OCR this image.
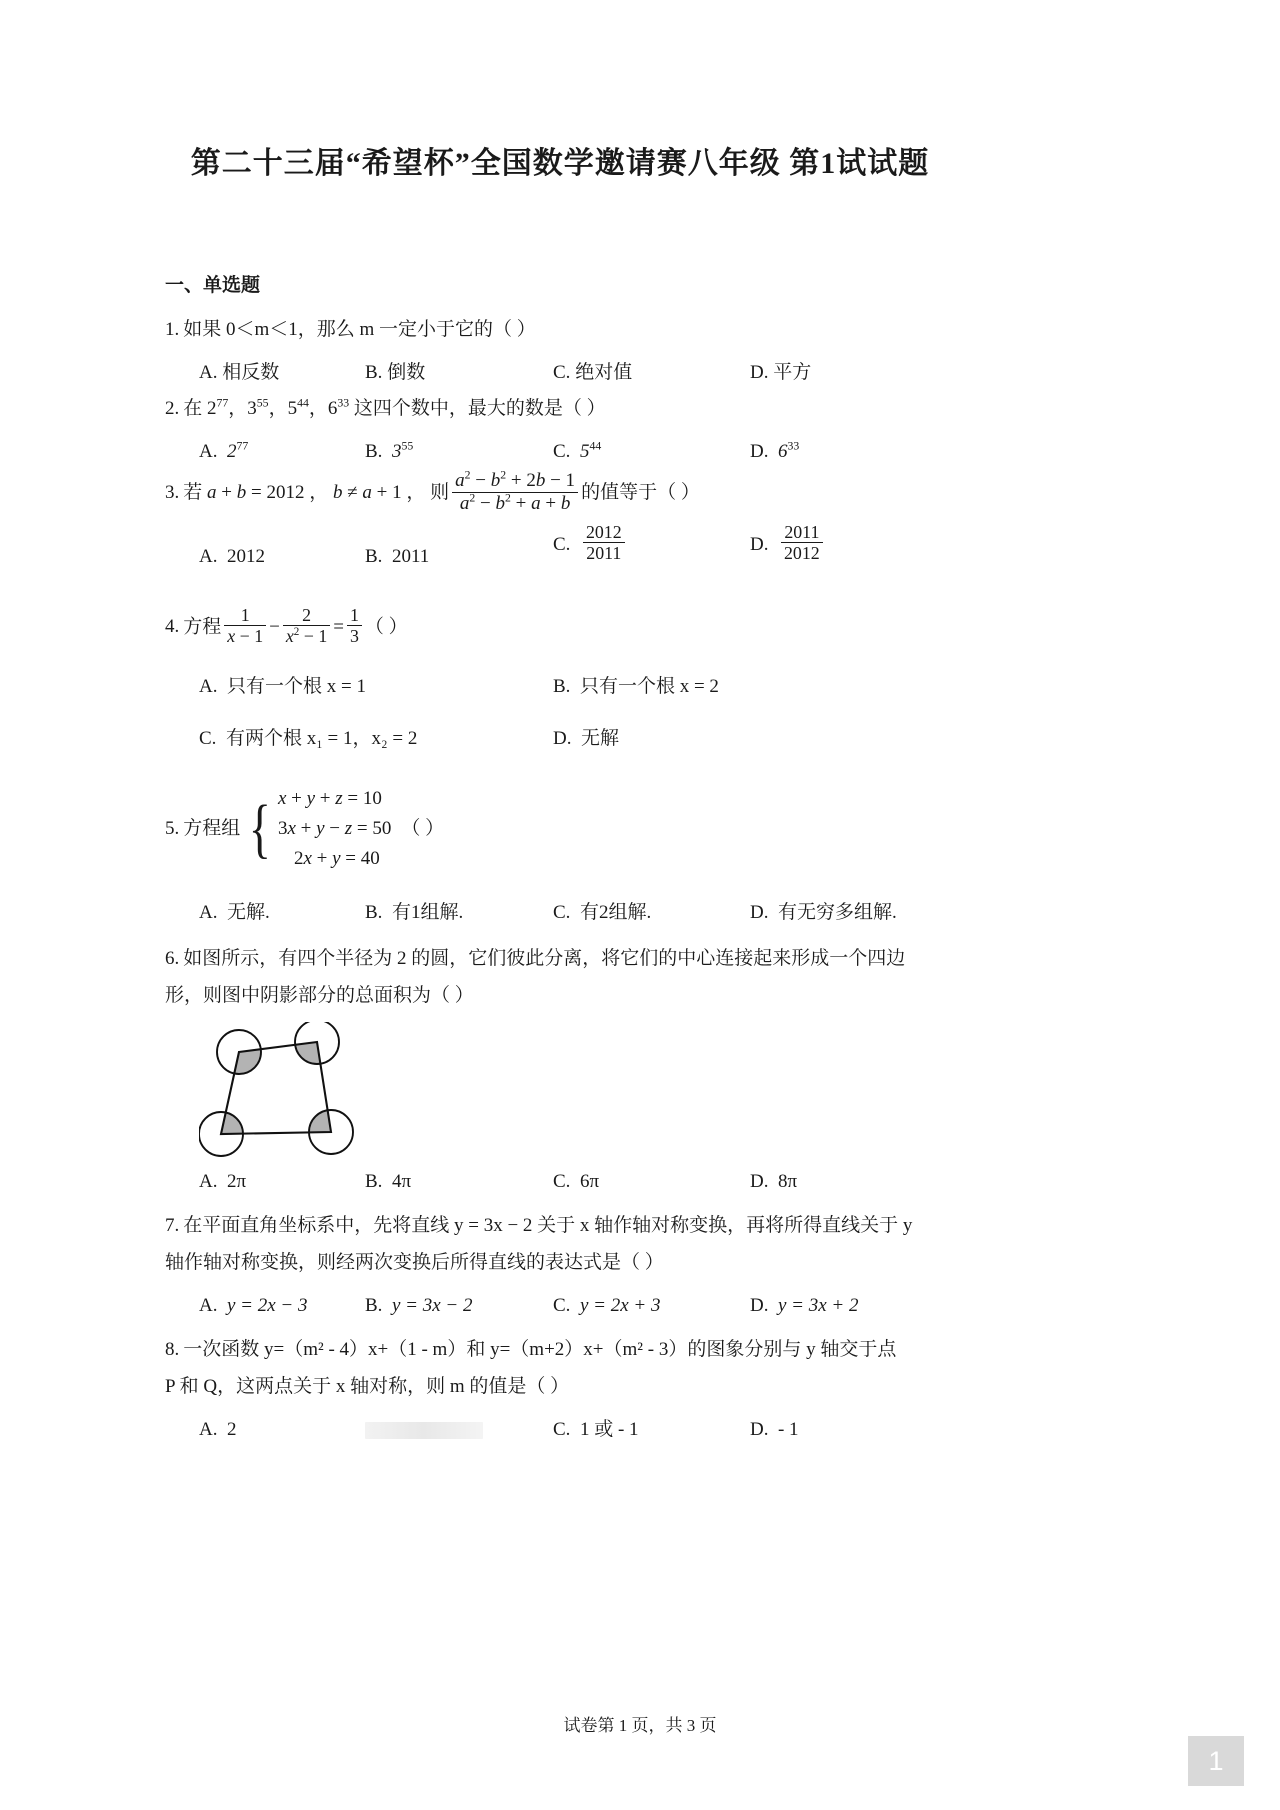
第二十三届“希望杯”全国数学邀请赛八年级 第1试试题
一、单选题
1. 如果 0＜m＜1，那么 m 一定小于它的（ ）
A. 相反数	B. 倒数	C. 绝对值	D. 平方
2. 在 $2^{77}$，$3^{55}$，$5^{44}$，$6^{33}$ 这四个数中，最大的数是（ ）
A. $2^{77}$	B. $3^{55}$	C. $5^{44}$	D. $6^{33}$
3. 若 a + b = 2012 ， b ≠ a + 1 ， 则 $\frac{a^2 - b^2 + 2b - 1}{a^2 - b^2 + a + b}$ 的值等于（ ）
A. 2012	B. 2011
C. $\frac{2012}{2011}$	D. $\frac{2011}{2012}$
4. 方程 $\frac{1}{x - 1} - \frac{2}{x^2 - 1} = \frac{1}{3}$ （ ）
A. 只有一个根 x = 1	B. 只有一个根 x = 2
C. 有两个根 x₁ = 1，x₂ = 2	D. 无解
5. 方程组 { x + y + z = 10
3x + y − z = 50
2x + y = 40
（ ）
A. 无解.	B. 有1组解.	C. 有2组解.	D. 有无穷多组解.
6. 如图所示，有四个半径为 2 的圆，它们彼此分离，将它们的中心连接起来形成一个四边
形，则图中阴影部分的总面积为（ ）
A. 2π	B. 4π	C. 6π	D. 8π
7. 在平面直角坐标系中，先将直线 y = 3x − 2 关于 x 轴作轴对称变换，再将所得直线关于 y
轴作轴对称变换，则经两次变换后所得直线的表达式是（ ）
A. y = 2x − 3	B. y = 3x − 2	C. y = 2x + 3	D. y = 3x + 2
8. 一次函数 y=（m² - 4）x+（1 - m）和 y=（m+2）x+（m² - 3）的图象分别与 y 轴交于点
P 和 Q，这两点关于 x 轴对称，则 m 的值是（ ）
A. 2	C. 1 或 - 1	D. - 1
试卷第 1 页，共 3 页
1
